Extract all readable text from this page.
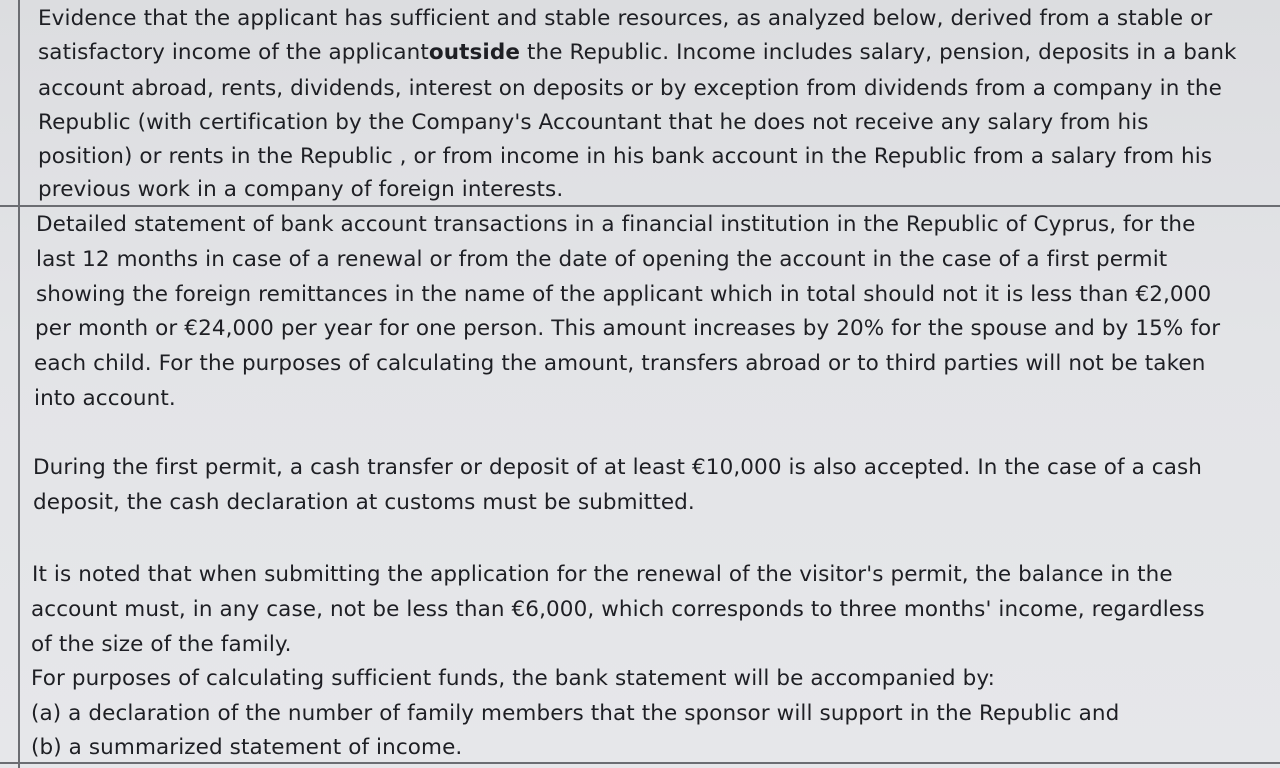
Evidence that the applicant has sufficient and stable resources, as analyzed below, derived from a stable or
satisfactory income of the applicantoutside the Republic. Income includes salary, pension, deposits in a bank
account abroad, rents, dividends, interest on deposits or by exception from dividends from a company in the
Republic (with certification by the Company's Accountant that he does not receive any salary from his
position) or rents in the Republic , or from income in his bank account in the Republic from a salary from his
previous work in a company of foreign interests.
Detailed statement of bank account transactions in a financial institution in the Republic of Cyprus, for the
last 12 months in case of a renewal or from the date of opening the account in the case of a first permit
showing the foreign remittances in the name of the applicant which in total should not it is less than €2,000
per month or €24,000 per year for one person. This amount increases by 20% for the spouse and by 15% for
each child. For the purposes of calculating the amount, transfers abroad or to third parties will not be taken
into account.
During the first permit, a cash transfer or deposit of at least €10,000 is also accepted. In the case of a cash
deposit, the cash declaration at customs must be submitted.
It is noted that when submitting the application for the renewal of the visitor's permit, the balance in the
account must, in any case, not be less than €6,000, which corresponds to three months' income, regardless
of the size of the family.
For purposes of calculating sufficient funds, the bank statement will be accompanied by:
(a) a declaration of the number of family members that the sponsor will support in the Republic and
(b) a summarized statement of income.
